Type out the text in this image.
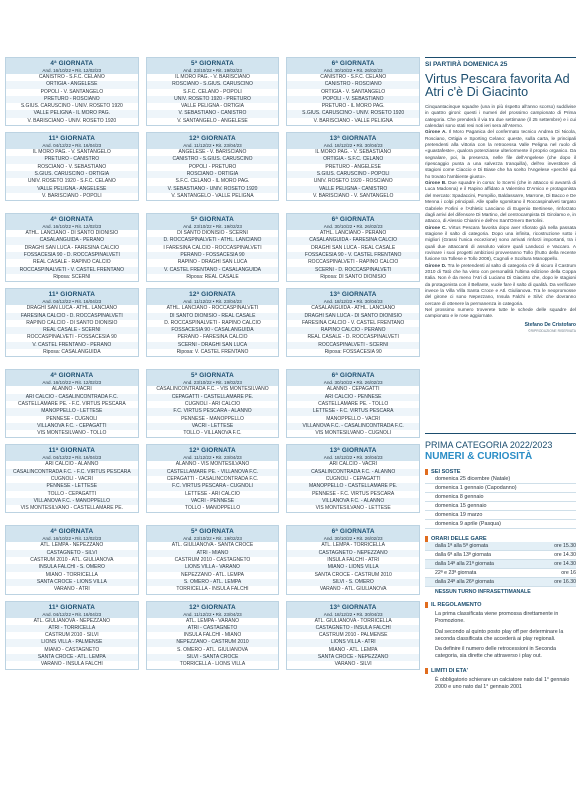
4ª GIORNATA
And. 16/10/22 • Rit. 12/02/23
CANISTRO - S.F.C. CELANO
ORTIGIA - ANGELESE
POPOLI - V. SANTANGELO
PRETURO - ROSCIANO
S.GIUS. CARUSCINO - UNIV. ROSETO 1920
VALLE PELIGNA - IL MORO PAG.
V. BARISCIANO - UNIV. ROSETO 1920
5ª GIORNATA
And. 23/10/22 • Rit. 19/02/23
IL MORO PAG. - V. BARISCIANO
ROSCIANO - S.GIUS. CARUSCINO
S.F.C. CELANO - POPOLI
UNIV. ROSETO 1920 - PRETURO
VALLE PELIGNA - ORTIGIA
V. SEBASTIANO - CANISTRO
V. SANTANGELO - ANGELESE
6ª GIORNATA
And. 30/10/22 • Rit. 26/02/23
CANISTRO - S.F.C. CELANO
CANISTRO - ROSCIANO
ORTIGIA - V. SANTANGELO
POPOLI - V. SEBASTIANO
PRETURO - IL MORO PAG.
S.GIUS. CARUSCINO - UNIV. ROSETO 1920
V. BARISCIANO - VALLE PELIGNA
11ª GIORNATA
And. 04/12/22 • Rit. 16/04/23
IL MORO PAG. - V. SANTANGELO
PRETURO - CANISTRO
ROSCIANO - V. SEBASTIANO
S.GIUS. CARUSCINO - ORTIGIA
UNIV. ROSETO 1920 - S.F.C. CELANO
VALLE PELIGNA - ANGELESE
V. BARISCIANO - POPOLI
12ª GIORNATA
And. 11/12/22 • Rit. 23/04/23
ANGELESE - V. BARISCIANO
CANISTRO - S.GIUS. CARUSCINO
POPOLI - PRETURO
ROSCIANO - ORTIGIA
S.F.C. CELANO - IL MORO PAG.
V. SEBASTIANO - UNIV. ROSETO 1920
V. SANTANGELO - VALLE PELIGNA
13ª GIORNATA
And. 18/12/22 • Rit. 30/04/23
IL MORO PAG. - V. SEBASTIANO
ORTIGIA - S.F.C. CELANO
PRETURO - ANGELESE
S.GIUS. CARUSCINO - POPOLI
UNIV. ROSETO 1920 - ROSCIANO
VALLE PELIGNA - CANISTRO
V. BARISCIANO - V. SANTANGELO
4ª GIORNATA
And. 16/10/22 • Rit. 12/02/23
ATHL. LANCIANO - DI SANTO DIONISIO
CASALANGUIDA - PERANO
DRAGHI SAN LUCA - FARESINA CALCIO
FOSSACESIA 90 - D. ROCCASPINALVETI
REAL CASALE - RAPINO CALCIO
ROCCASPINALVETI - V. CASTEL FRENTANO
Riposa: SCERNI
5ª GIORNATA
And. 23/10/22 • Rit. 19/02/23
DI SANTO DIONISIO - SCERNI
D. ROCCASPINALVETI - ATHL. LANCIANO
I FARESINA CALCIO - ROCCASPINALVETI
PERANO - FOSSACESIA 90
RAPINO - DRAGHI SAN LUCA
V. CASTEL FRENTANO - CASALANGUIDA
Riposa: REAL CASALE
6ª GIORNATA
And. 30/10/22 • Rit. 26/02/23
ATHL. LANCIANO - PERANO
CASALANGUIDA - FARESINA CALCIO
DRAGHI SAN LUCA - REAL CASALE
FOSSACESIA 90 - V. CASTEL FRENTANO
ROCCASPINALVETI - RAPINO CALCIO
SCERNI - D. ROCCASPINALVETI
Riposa: DI SANTO DIONISIO
11ª GIORNATA
And. 04/12/22 • Rit. 16/04/23
DRAGHI SAN LUCA - ATHL. LANCIANO
FARESINA CALCIO - D. ROCCASPINALVETI
RAPINO CALCIO - DI SANTO DIONISIO
REAL CASALE - SCERNI
ROCCASPINALVETI - FOSSACESIA 90
V. CASTEL FRENTANO - PERANO
Riposa: CASALANGUIDA
12ª GIORNATA
And. 11/12/22 • Rit. 23/04/23
ATHL. LANCIANO - ROCCASPINALVETI
DI SANTO DIONISIO - REAL CASALE
D. ROCCASPINALVETI - RAPINO CALCIO
FOSSACESIA 90 - CASALANGUIDA
PERANO - FARESINA CALCIO
SCERNI - DRAGHI SAN LUCA
Riposa: V. CASTEL FRENTANO
13ª GIORNATA
And. 18/12/22 • Rit. 30/04/23
CASALANGUIDA - ATHL. LANCIANO
DRAGHI SAN LUCA - DI SANTO DIONISIO
FARESINA CALCIO - V. CASTEL FRENTANO
RAPINO CALCIO - PERANO
REAL CASALE - D. ROCCASPINALVETI
ROCCASPINALVETI - SCERNI
Riposa: FOSSACESIA 90
4ª GIORNATA
And. 16/10/22 • Rit. 12/02/23
ALANNO - VACRI
ARI CALCIO - CASALINCONTRADA F.C.
CASTELLAMARE PE. - F.C. VIRTUS PESCARA
MANOPPELLO - LETTESE
PENNESE - CUGNOLI
VILLANOVA F.C. - CEPAGATTI
VIS MONTESILVANO - TOLLO
5ª GIORNATA
And. 23/10/22 • Rit. 19/02/23
CASALINCONTRADA F.C. - VIS MONTESILVANO
CEPAGATTI - CASTELLAMARE PE.
CUGNOLI - ARI CALCIO
F.C. VIRTUS PESCARA - ALANNO
PENNESE - MANOPPELLO
VACRI - LETTESE
TOLLO - VILLANOVA F.C.
6ª GIORNATA
And. 30/10/22 • Rit. 26/02/23
ALANNO - CEPAGATTI
ARI CALCIO - PENNESE
CASTELLAMARE PE. - TOLLO
LETTESE - F.C. VIRTUS PESCARA
MANOPPELLO - VACRI
VILLANOVA F.C. - CASALINCONTRADA F.C.
VIS MONTESILVANO - CUGNOLI
11ª GIORNATA
And. 04/12/22 • Rit. 16/04/23
ARI CALCIO - ALANNO
CASALINCONTRADA F.C. - F.C. VIRTUS PESCARA
CUGNOLI - VACRI
PENNESE - LETTESE
TOLLO - CEPAGATTI
VILLANOVA F.C. - MANOPPELLO
VIS MONTESILVANO - CASTELLAMARE PE.
12ª GIORNATA
And. 11/12/22 • Rit. 23/04/23
ALANNO - VIS MONTESILVANO
CASTELLAMARE PE. - VILLANOVA F.C.
CEPAGATTI - CASALINCONTRADA F.C.
F.C. VIRTUS PESCARA - CUGNOLI
LETTESE - ARI CALCIO
VACRI - PENNESE
TOLLO - MANOPPELLO
13ª GIORNATA
And. 18/12/22 • Rit. 30/04/23
ARI CALCIO - VACRI
CASALINCONTRADA F.C. - ALANNO
CUGNOLI - CEPAGATTI
MANOPPELLO - CASTELLAMARE PE.
PENNESE - F.C. VIRTUS PESCARA
VILLANOVA F.C. - ALANNO
VIS MONTESILVANO - LETTESE
4ª GIORNATA
And. 16/10/22 • Rit. 12/02/23
ATL. LEMPA - NEPEZZANO
CASTAGNETO - SILVI
CASTRUM 2010 - ATL. GIULIANOVA
INSULA FALCHI - S. OMERO
MIANO - TORRICELLA
SANTA CROCE - LIONS VILLA
VARANO - ATRI
5ª GIORNATA
And. 23/10/22 • Rit. 19/02/23
ATL. GIULIANOVA - SANTA CROCE
ATRI - MIANO
CASTRUM 2010 - CASTAGNETO
LIONS VILLA - VARANO
NEPEZZANO - ATL. LEMPA
S. OMERO - ATL. LEMPA
TORRICELLA - INSULA FALCHI
6ª GIORNATA
And. 30/10/22 • Rit. 26/02/23
ATL. LEMPA - TORRICELLA
CASTAGNETO - NEPEZZANO
INSULA FALCHI - ATRI
MIANO - LIONS VILLA
SANTA CROCE - CASTRUM 2010
SILVI - S. OMERO
VARANO - ATL. GIULIANOVA
11ª GIORNATA
And. 04/12/22 • Rit. 16/04/23
ATL. GIULIANOVA - NEPEZZANO
ATRI - TORRICELLA
CASTRUM 2010 - SILVI
LIONS VILLA - PALMENSE
MIANO - CASTAGNETO
SANTA CROCE - ATL. LEMPA
VARANO - INSULA FALCHI
12ª GIORNATA
And. 11/12/22 • Rit. 23/04/23
ATL. LEMPA - VARANO
ATRI - CASTAGNETO
INSULA FALCHI - MIANO
NEPEZZANO - CASTRUM 2010
S. OMERO - ATL. GIULIANOVA
SILVI - SANTA CROCE
TORRICELLA - LIONS VILLA
13ª GIORNATA
And. 18/12/22 • Rit. 30/04/23
ATL. GIULIANOVA - TORRICELLA
CASTAGNETO - INSULA FALCHI
CASTRUM 2010 - PALMENSE
LIONS VILLA - ATRI
MIANO - ATL. LEMPA
SANTA CROCE - NEPEZZANO
VARANO - SILVI
SI PARTIRÀ DOMENICA 25
Virtus Pescara favorita Ad Atri c'è Di Giacinto

Cinquantacinque squadre (una in più rispetto all'anno scorso) suddivise in quattro gironi: questi i numeri del prossimo campionato di Prima categoria. Che prenderà il via tra due settimane (il 25 settembre) e i cui calendari sono stati resi noti ieri sera all'Aterno.

Girone A. Il Moro Paganica del confermato tecnico Andrea Di Nicola, Rosciano, Ortigia e Sporting Celano: queste, sulla carta, le principali pretendenti alla vittoria con la retrocessa Valle Peligna nel ruolo di «guastafeste», qualora potenziasse ulteriormente il proprio organico. Da segnalare, poi, la presenza, nelle file dell'Angelese (che dopo il ripescaggio punta a una salvezza tranquilla), dell'ex investitore di stagioni come Ciaccio e Di Biase che ha scelto l'Angelese «perché qui ho trovato l'ambiente giusto».

Girone B. Due squadre in corsa: lo Scerni (che in attacco si avvarrà di Luca Madonna) e il Rapino affidato a Valentino D'Amico e protagonista del mercato: Spadaccini, Pompilio, Baldassarre, Marrone, Di Bacco e De Menna i colpi principali. Alle spalle sgomitano il Roccaspinalveti targato Gabriele Forlini e l'Athletic Lanciano di Eugenio Bertinese, rinforzato dagli arrivi del difensore Di Martino, del centrocampista Di Girolamo e, in attacco, di Alessio Chiarini e dell'ex Sant'Omero Bertolini.

Girone C. Virtus Pescara favorita dopo aver sfiorato già nella passata stagione il salto di categoria. Dopo una infinita, ricostruzione sotto i migliori (Grassi l'unica eccezione) sono arrivati rinforzi importanti, tra i quali due attaccanti di assoluto valore quali Landucci e Vaccaro. A rovinare i suoi progetti ambiziosi provveranno Tollo (frutto della recente fusione tra Tollese e Tollo 2008), Cugnoli e Scoltura Manoppello.

Girone D. Tra le pretendenti al salto di categoria c'è di sicuro il Castrum 2010 di Tatò che ha vinto con personalità l'ultima edizione della Coppa Italia. Non è da meno l'Atri di Luciano Di Giacinto che, dopo le stagioni da protagonista con il Bellante, vuole fare il salto di qualità. Da verificare invece la Villa Villa Santa Croce e Atl. Giulianova. Tra le neopromosse del girone ci sono Nepezzano, Insula Falchi e Silvi: che dovranno cercare di ottenere la permanenza in categoria.

Nel prossimo numero troverete tutte le schede delle squadre del campionato e le rose aggiornate.

Stefano De Cristofaro
©RIPRODUZIONE RISERVATA
PRIMA CATEGORIA 2022/2023
NUMERI & CURIOSITÀ
SEI SOSTE
domenica 25 dicembre (Natale)
domenica 1 gennaio (Capodanno)
domenica 8 gennaio
domenica 15 gennaio
domenica 19 marzo
domenica 9 aprile (Pasqua)
ORARI DELLE GARE
dalla 1ª alla 5ª giornata	ore 15.30
dalla 6ª alla 13ª giornata	ore 14.30
dalla 14ª alla 21ª giornata	ore 14.30
22ª e 23ª giornata	ore 16
dalla 24ª alla 26ª giornata	ore 16.30
NESSUN TURNO INFRASETTIMANALE
IL REGOLAMENTO

La prima classificata viene promossa direttamente in Promozione.

Dal secondo al quinto posto play off per determinare la seconda classificata che accederà ai play regionali.

Da definire il numero delle retrocessioni in Seconda categoria, sia dirette che attraverso i play out.

LIMITI DI ETA'

È obbligatorio schierare un calciatore nato dal 1° gennaio 2000 e uno nato dal 1° gennaio 2001
